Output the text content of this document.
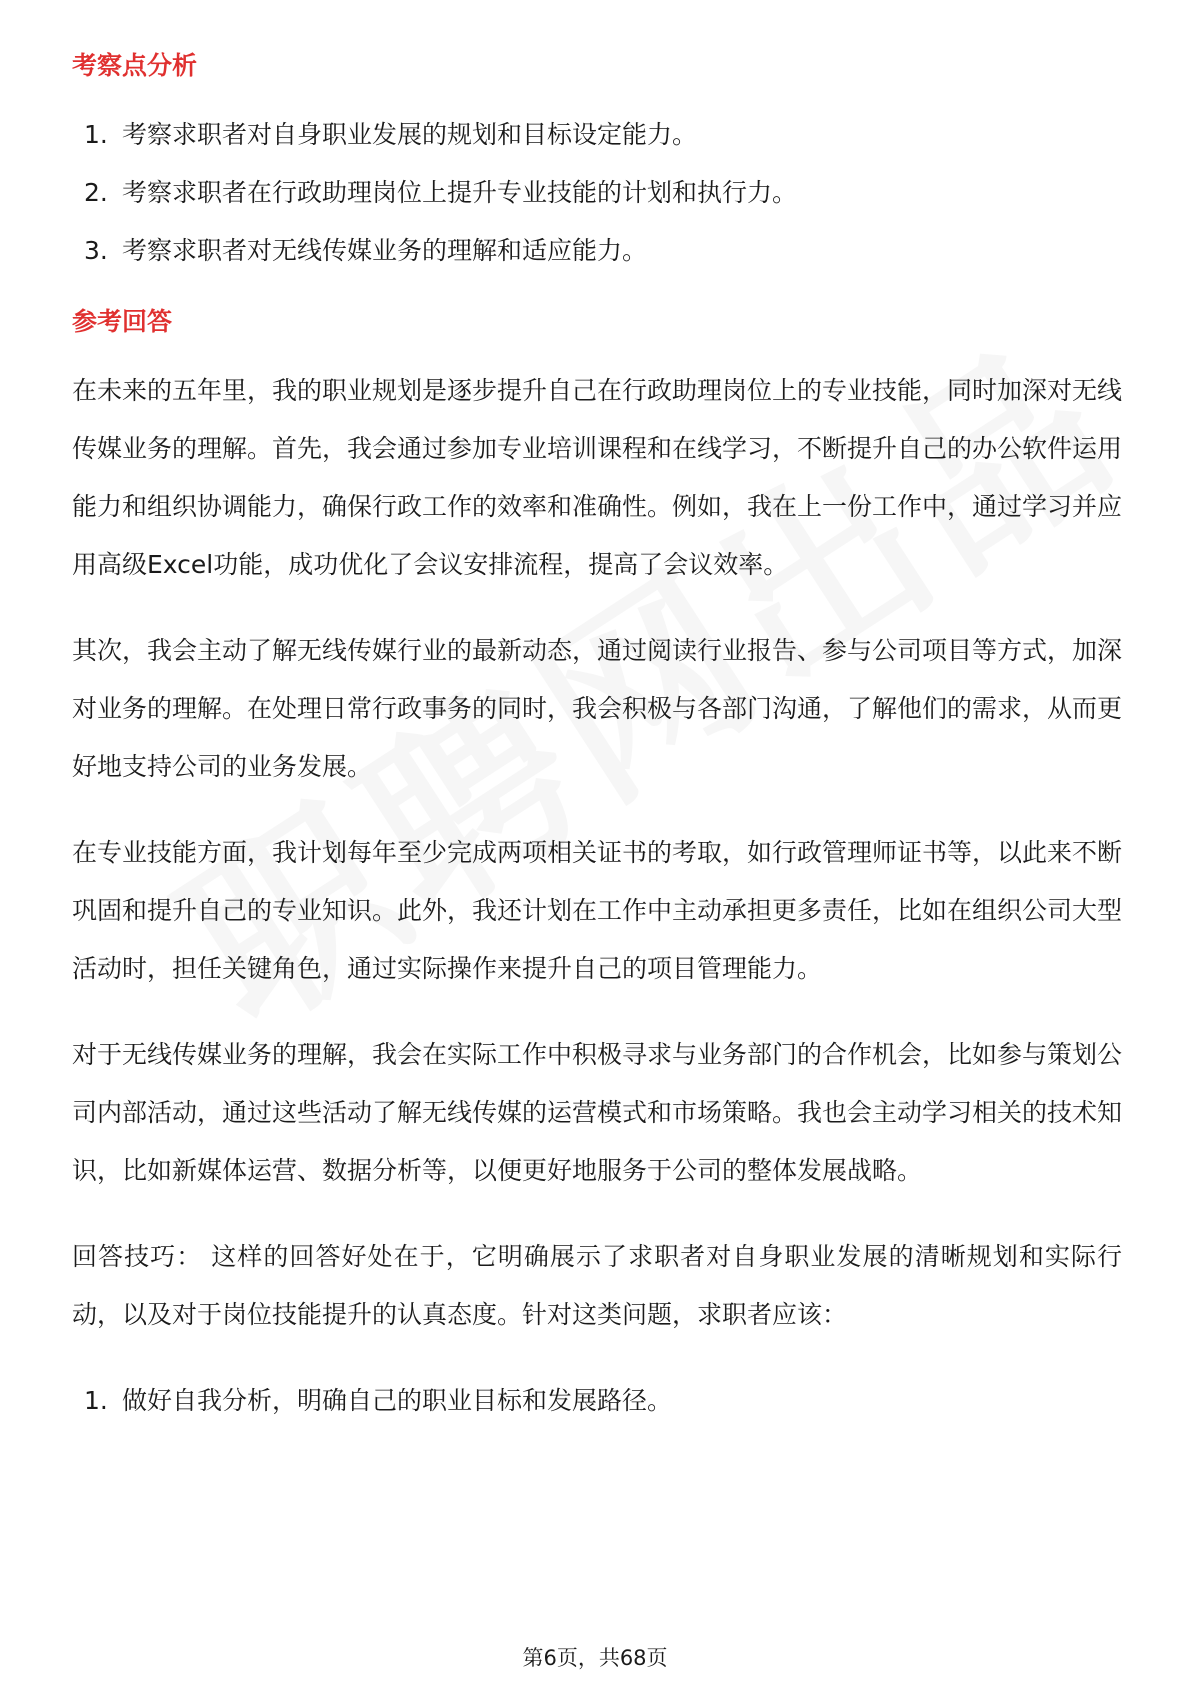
考察点分析
1. 考察求职者对自身职业发展的规划和目标设定能力。
2. 考察求职者在行政助理岗位上提升专业技能的计划和执行力。
3. 考察求职者对无线传媒业务的理解和适应能力。
参考回答

在未来的五年里，我的职业规划是逐步提升自己在行政助理岗位上的专业技能，同时加深对无线传媒业务的理解。首先，我会通过参加专业培训课程和在线学习，不断提升自己的办公软件运用能力和组织协调能力，确保行政工作的效率和准确性。例如，我在上一份工作中，通过学习并应用高级Excel功能，成功优化了会议安排流程，提高了会议效率。

其次，我会主动了解无线传媒行业的最新动态，通过阅读行业报告、参与公司项目等方式，加深对业务的理解。在处理日常行政事务的同时，我会积极与各部门沟通，了解他们的需求，从而更好地支持公司的业务发展。

在专业技能方面，我计划每年至少完成两项相关证书的考取，如行政管理师证书等，以此来不断巩固和提升自己的专业知识。此外，我还计划在工作中主动承担更多责任，比如在组织公司大型活动时，担任关键角色，通过实际操作来提升自己的项目管理能力。

对于无线传媒业务的理解，我会在实际工作中积极寻求与业务部门的合作机会，比如参与策划公司内部活动，通过这些活动了解无线传媒的运营模式和市场策略。我也会主动学习相关的技术知识，比如新媒体运营、数据分析等，以便更好地服务于公司的整体发展战略。

回答技巧： 这样的回答好处在于，它明确展示了求职者对自身职业发展的清晰规划和实际行动，以及对于岗位技能提升的认真态度。针对这类问题，求职者应该：

1. 做好自我分析，明确自己的职业目标和发展路径。
第6页，共68页
